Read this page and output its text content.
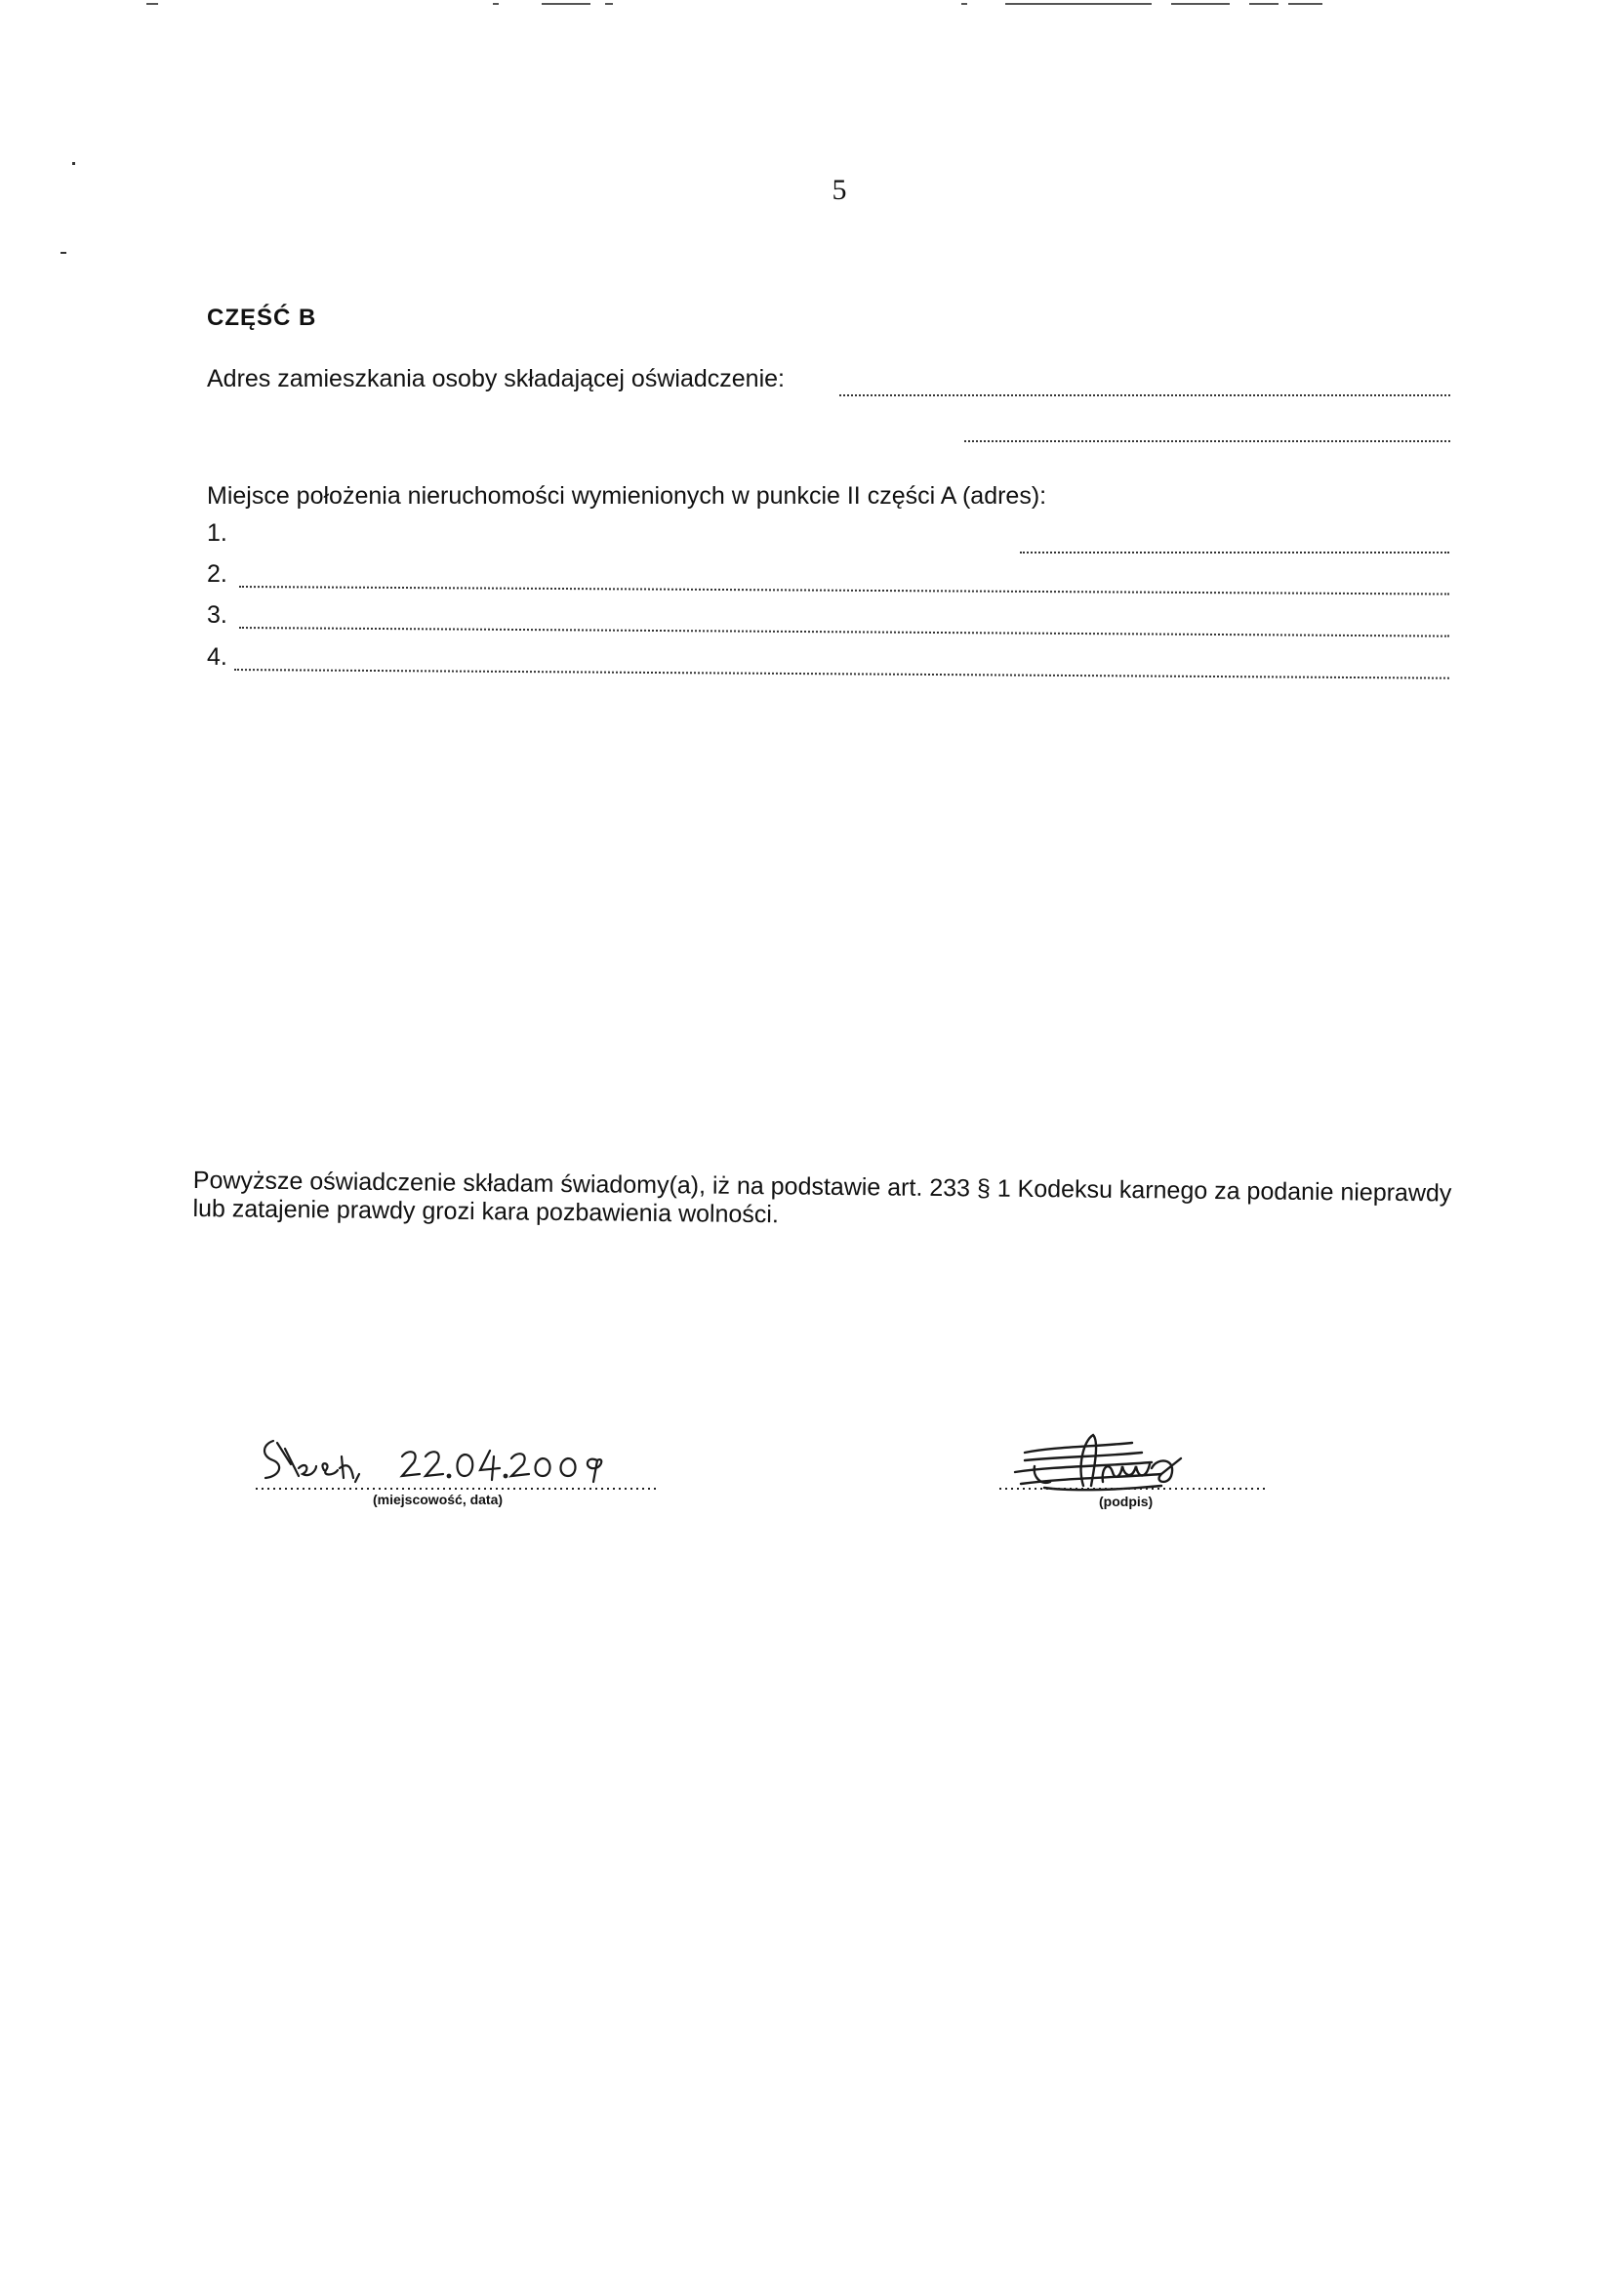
5
CZĘŚĆ B
Adres zamieszkania osoby składającej oświadczenie:
Miejsce położenia nieruchomości wymienionych w punkcie II części A (adres):
1.
2.
3.
4.
Powyższe oświadczenie składam świadomy(a), iż na podstawie art. 233 § 1 Kodeksu karnego za podanie nieprawdy lub zatajenie prawdy grozi kara pozbawienia wolności.
(miejscowość, data)	(podpis)
